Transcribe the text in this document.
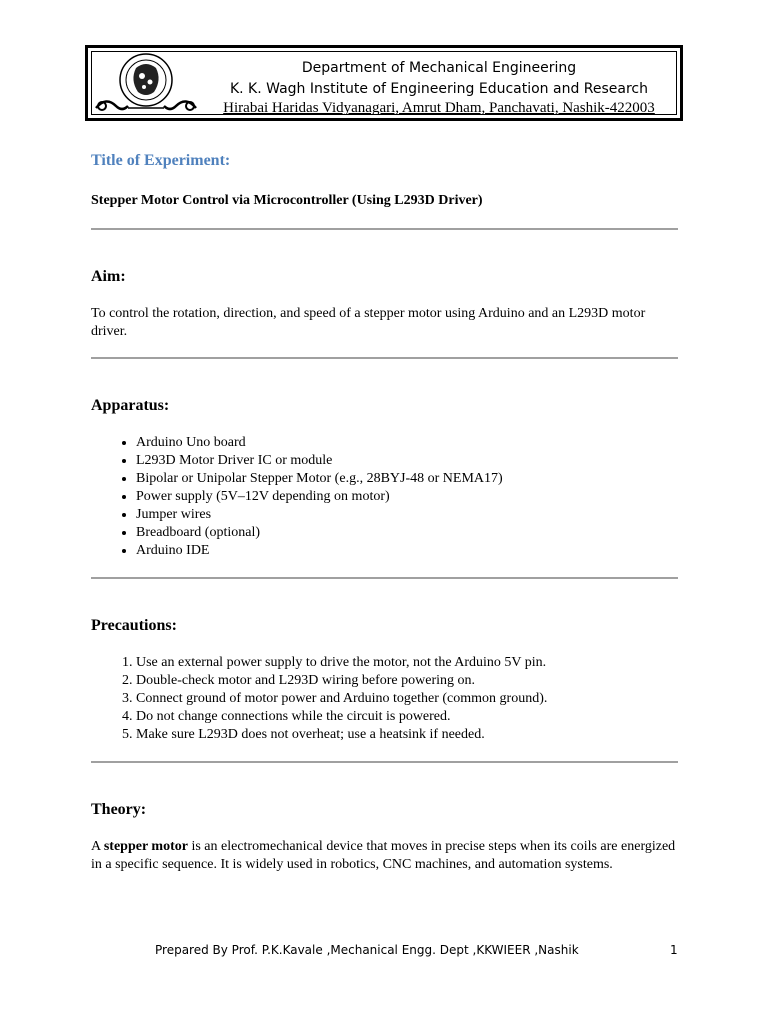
Department of Mechanical Engineering
K. K. Wagh Institute of Engineering Education and Research
Hirabai Haridas Vidyanagari, Amrut Dham, Panchavati, Nashik-422003
Title of Experiment:
Stepper Motor Control via Microcontroller (Using L293D Driver)
Aim:
To control the rotation, direction, and speed of a stepper motor using Arduino and an L293D motor driver.
Apparatus:
• Arduino Uno board
• L293D Motor Driver IC or module
• Bipolar or Unipolar Stepper Motor (e.g., 28BYJ-48 or NEMA17)
• Power supply (5V–12V depending on motor)
• Jumper wires
• Breadboard (optional)
• Arduino IDE
Precautions:
1. Use an external power supply to drive the motor, not the Arduino 5V pin.
2. Double-check motor and L293D wiring before powering on.
3. Connect ground of motor power and Arduino together (common ground).
4. Do not change connections while the circuit is powered.
5. Make sure L293D does not overheat; use a heatsink if needed.
Theory:
A stepper motor is an electromechanical device that moves in precise steps when its coils are energized in a specific sequence. It is widely used in robotics, CNC machines, and automation systems.
Prepared By Prof. P.K.Kavale ,Mechanical Engg. Dept ,KKWIEER ,Nashik	1
